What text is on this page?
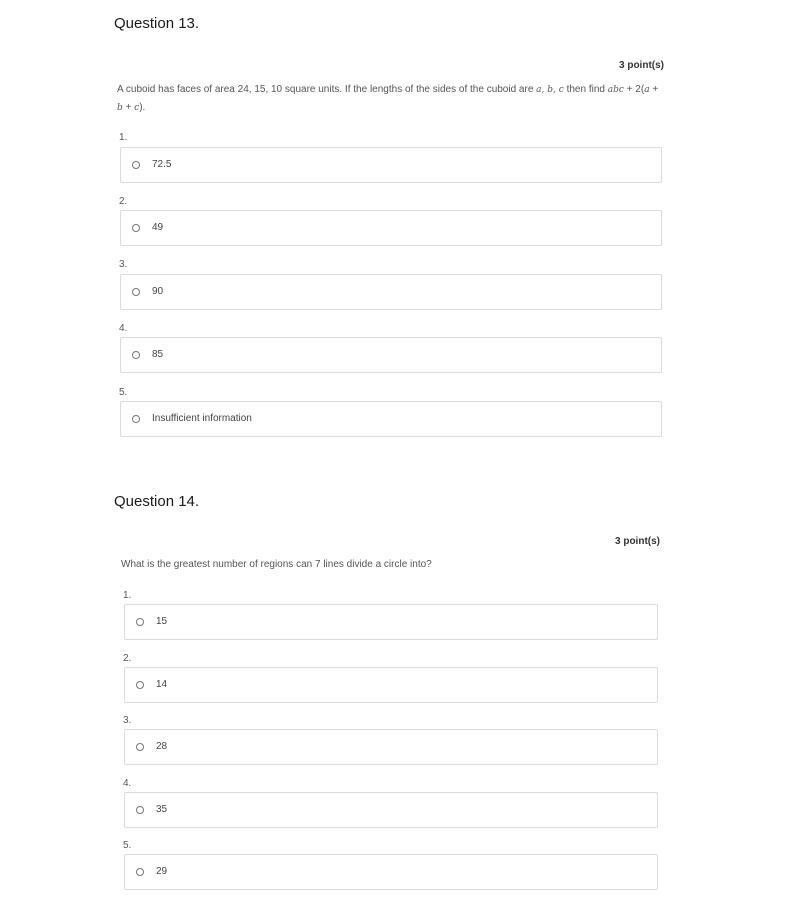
Question 13.
3 point(s)
A cuboid has faces of area 24, 15, 10 square units. If the lengths of the sides of the cuboid are a, b, c then find abc + 2(a +
b + c).
1.
72.5
2.
49
3.
90
4.
85
5.
Insufficient information
Question 14.
3 point(s)
What is the greatest number of regions can 7 lines divide a circle into?
1.
15
2.
14
3.
28
4.
35
5.
29
